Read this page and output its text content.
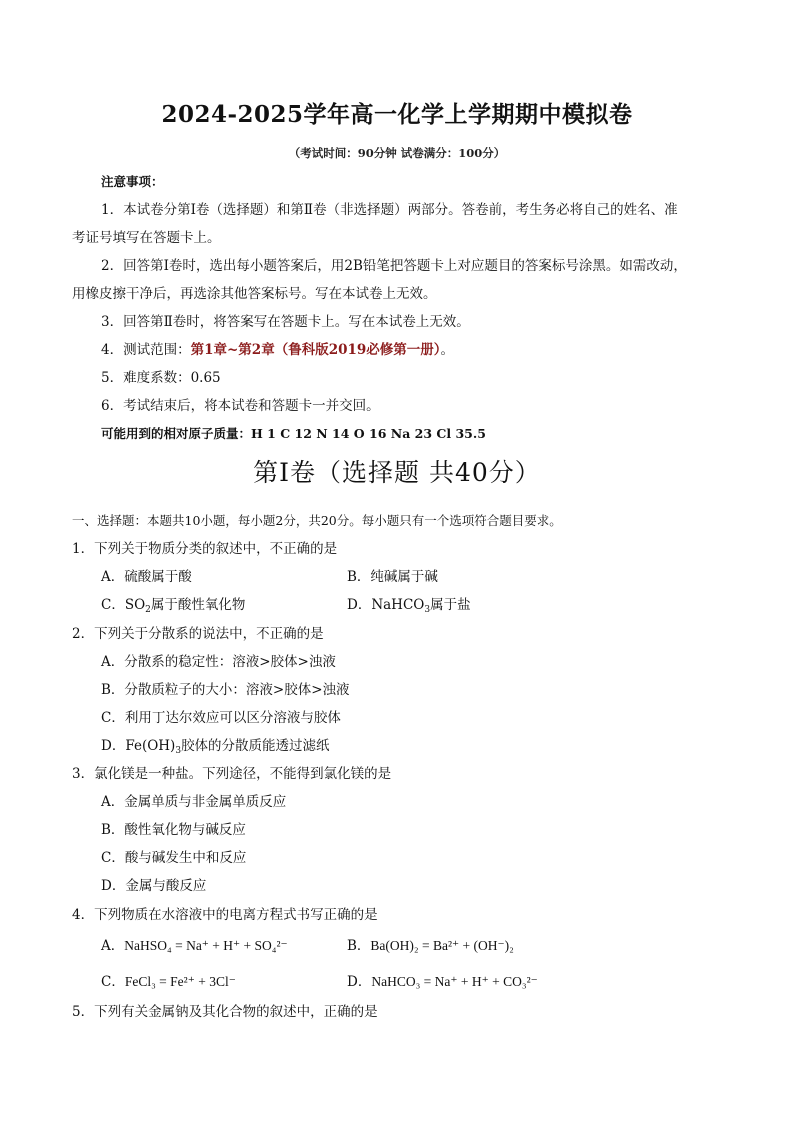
2024-2025学年高一化学上学期期中模拟卷
（考试时间：90分钟 试卷满分：100分）
注意事项：
1．本试卷分第Ⅰ卷（选择题）和第Ⅱ卷（非选择题）两部分。答卷前，考生务必将自己的姓名、准
考证号填写在答题卡上。
2．回答第Ⅰ卷时，选出每小题答案后，用2B铅笔把答题卡上对应题目的答案标号涂黑。如需改动，
用橡皮擦干净后，再选涂其他答案标号。写在本试卷上无效。
3．回答第Ⅱ卷时，将答案写在答题卡上。写在本试卷上无效。
4．测试范围：第1章~第2章（鲁科版2019必修第一册）。
5．难度系数：0.65
6．考试结束后，将本试卷和答题卡一并交回。
可能用到的相对原子质量：H 1 C 12 N 14 O 16 Na 23 Cl 35.5
第Ⅰ卷（选择题 共40分）
一、选择题：本题共10小题，每小题2分，共20分。每小题只有一个选项符合题目要求。
1．下列关于物质分类的叙述中，不正确的是
A．硫酸属于酸	B．纯碱属于碱
C．$SO_2$属于酸性氧化物	D．NaHCO$_3$属于盐
2．下列关于分散系的说法中，不正确的是
A．分散系的稳定性：溶液>胶体>浊液
B．分散质粒子的大小：溶液>胶体>浊液
C．利用丁达尔效应可以区分溶液与胶体
D．$Fe(OH)_3$胶体的分散质能透过滤纸
3．氯化镁是一种盐。下列途径，不能得到氯化镁的是
A．金属单质与非金属单质反应
B．酸性氧化物与碱反应
C．酸与碱发生中和反应
D．金属与酸反应
4．下列物质在水溶液中的电离方程式书写正确的是
A．NaHSO₄ = Na⁺ + H⁺ + SO₄²⁻	B．Ba(OH)₂ = Ba²⁺ + (OH⁻)₂
C．FeCl₃ = Fe²⁺ + 3Cl⁻	D．NaHCO₃ = Na⁺ + H⁺ + CO₃²⁻
5．下列有关金属钠及其化合物的叙述中，正确的是
